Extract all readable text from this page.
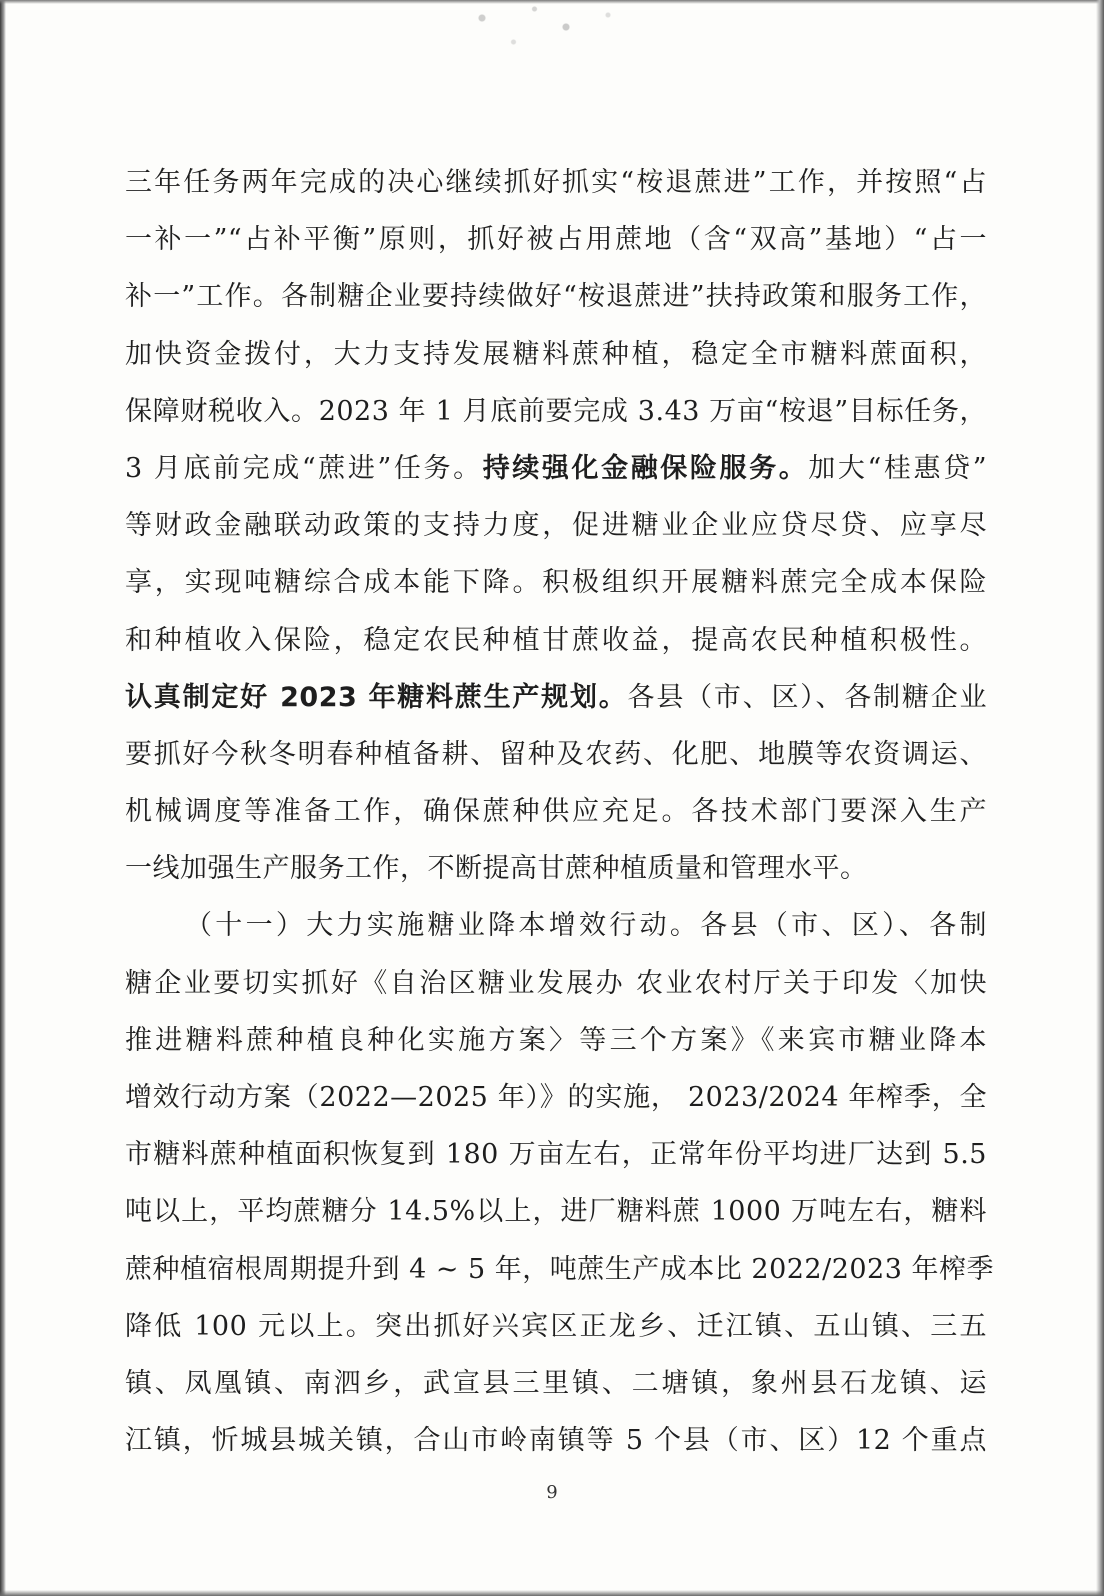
三年任务两年完成的决心继续抓好抓实“桉退蔗进”工作，并按照“占
一补一”“占补平衡”原则，抓好被占用蔗地（含“双高”基地）“占一
补一”工作。各制糖企业要持续做好“桉退蔗进”扶持政策和服务工作，
加快资金拨付，大力支持发展糖料蔗种植，稳定全市糖料蔗面积，
保障财税收入。2023 年 1 月底前要完成 3.43 万亩“桉退”目标任务，
3 月底前完成“蔗进”任务。持续强化金融保险服务。加大“桂惠贷”
等财政金融联动政策的支持力度，促进糖业企业应贷尽贷、应享尽
享，实现吨糖综合成本能下降。积极组织开展糖料蔗完全成本保险
和种植收入保险，稳定农民种植甘蔗收益，提高农民种植积极性。
认真制定好 2023 年糖料蔗生产规划。各县（市、区）、各制糖企业
要抓好今秋冬明春种植备耕、留种及农药、化肥、地膜等农资调运、
机械调度等准备工作，确保蔗种供应充足。各技术部门要深入生产
一线加强生产服务工作，不断提高甘蔗种植质量和管理水平。
（十一）大力实施糖业降本增效行动。各县（市、区）、各制
糖企业要切实抓好《自治区糖业发展办 农业农村厅关于印发〈加快
推进糖料蔗种植良种化实施方案〉等三个方案》《来宾市糖业降本
增效行动方案（2022—2025 年）》的实施， 2023/2024 年榨季，全
市糖料蔗种植面积恢复到 180 万亩左右，正常年份平均进厂达到 5.5
吨以上，平均蔗糖分 14.5%以上，进厂糖料蔗 1000 万吨左右，糖料
蔗种植宿根周期提升到 4 ~ 5 年，吨蔗生产成本比 2022/2023 年榨季
降低 100 元以上。突出抓好兴宾区正龙乡、迁江镇、五山镇、三五
镇、凤凰镇、南泗乡，武宣县三里镇、二塘镇，象州县石龙镇、运
江镇，忻城县城关镇，合山市岭南镇等 5 个县（市、区）12 个重点
9
